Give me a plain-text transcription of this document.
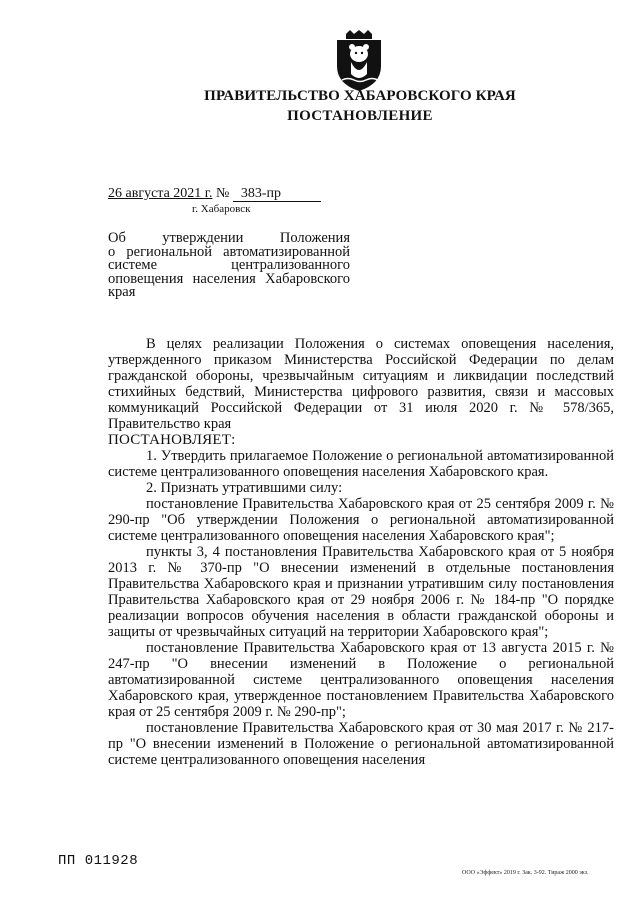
ПРАВИТЕЛЬСТВО ХАБАРОВСКОГО КРАЯ
ПОСТАНОВЛЕНИЕ
26 августа 2021 г. № 383-пр
г. Хабаровск
Об утверждении Положения
о региональной автоматизированной
системе централизованного
оповещения населения Хабаровского
края

В целях реализации Положения о системах оповещения населения, утвержденного приказом Министерства Российской Федерации по делам гражданской обороны, чрезвычайным ситуациям и ликвидации последствий стихийных бедствий, Министерства цифрового развития, связи и массовых коммуникаций Российской Федерации от 31 июля 2020 г. № 578/365, Правительство края

ПОСТАНОВЛЯЕТ:

1. Утвердить прилагаемое Положение о региональной автоматизированной системе централизованного оповещения населения Хабаровского края.

2. Признать утратившими силу:

постановление Правительства Хабаровского края от 25 сентября 2009 г. № 290-пр "Об утверждении Положения о региональной автоматизированной системе централизованного оповещения населения Хабаровского края";

пункты 3, 4 постановления Правительства Хабаровского края от 5 ноября 2013 г. № 370-пр "О внесении изменений в отдельные постановления Правительства Хабаровского края и признании утратившим силу постановления Правительства Хабаровского края от 29 ноября 2006 г. № 184-пр "О порядке реализации вопросов обучения населения в области гражданской обороны и защиты от чрезвычайных ситуаций на территории Хабаровского края";

постановление Правительства Хабаровского края от 13 августа 2015 г. № 247-пр "О внесении изменений в Положение о региональной автоматизированной системе централизованного оповещения населения Хабаровского края, утвержденное постановлением Правительства Хабаровского края от 25 сентября 2009 г. № 290-пр";

постановление Правительства Хабаровского края от 30 мая 2017 г. № 217-пр "О внесении изменений в Положение о региональной автоматизированной системе централизованного оповещения населения

ПП 011928
ООО «Эффект» 2019 г. Зак. 3-92. Тираж 2000 экз.
